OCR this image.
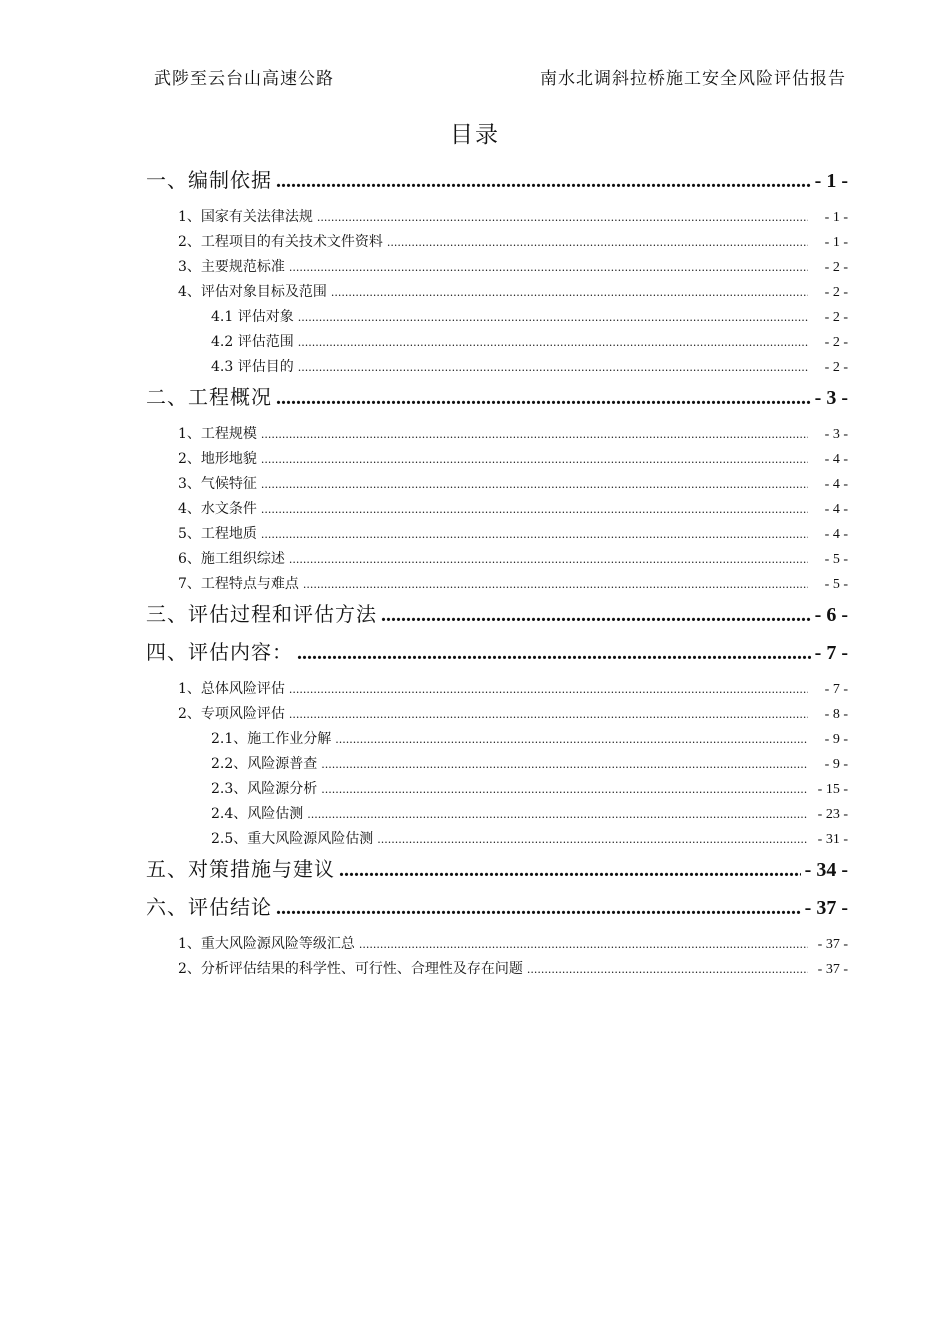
武陟至云台山高速公路	南水北调斜拉桥施工安全风险评估报告
目录
一、编制依据 .....	- 1 -
1、国家有关法律法规 .....	- 1 -
2、工程项目的有关技术文件资料 .....	- 1 -
3、主要规范标准 .....	- 2 -
4、评估对象目标及范围 .....	- 2 -
4.1 评估对象 .....	- 2 -
4.2 评估范围 .....	- 2 -
4.3 评估目的 .....	- 2 -
二、工程概况 .....	- 3 -
1、工程规模 .....	- 3 -
2、地形地貌 .....	- 4 -
3、气候特征 .....	- 4 -
4、水文条件 .....	- 4 -
5、工程地质 .....	- 4 -
6、施工组织综述 .....	- 5 -
7、工程特点与难点 .....	- 5 -
三、评估过程和评估方法 .....	- 6 -
四、评估内容： .....	- 7 -
1、总体风险评估 .....	- 7 -
2、专项风险评估 .....	- 8 -
2.1、施工作业分解 .....	- 9 -
2.2、风险源普查 .....	- 9 -
2.3、风险源分析 .....	- 15 -
2.4、风险估测 .....	- 23 -
2.5、重大风险源风险估测 .....	- 31 -
五、对策措施与建议 .....	- 34 -
六、评估结论 .....	- 37 -
1、重大风险源风险等级汇总 .....	- 37 -
2、分析评估结果的科学性、可行性、合理性及存在问题 .....	- 37 -
